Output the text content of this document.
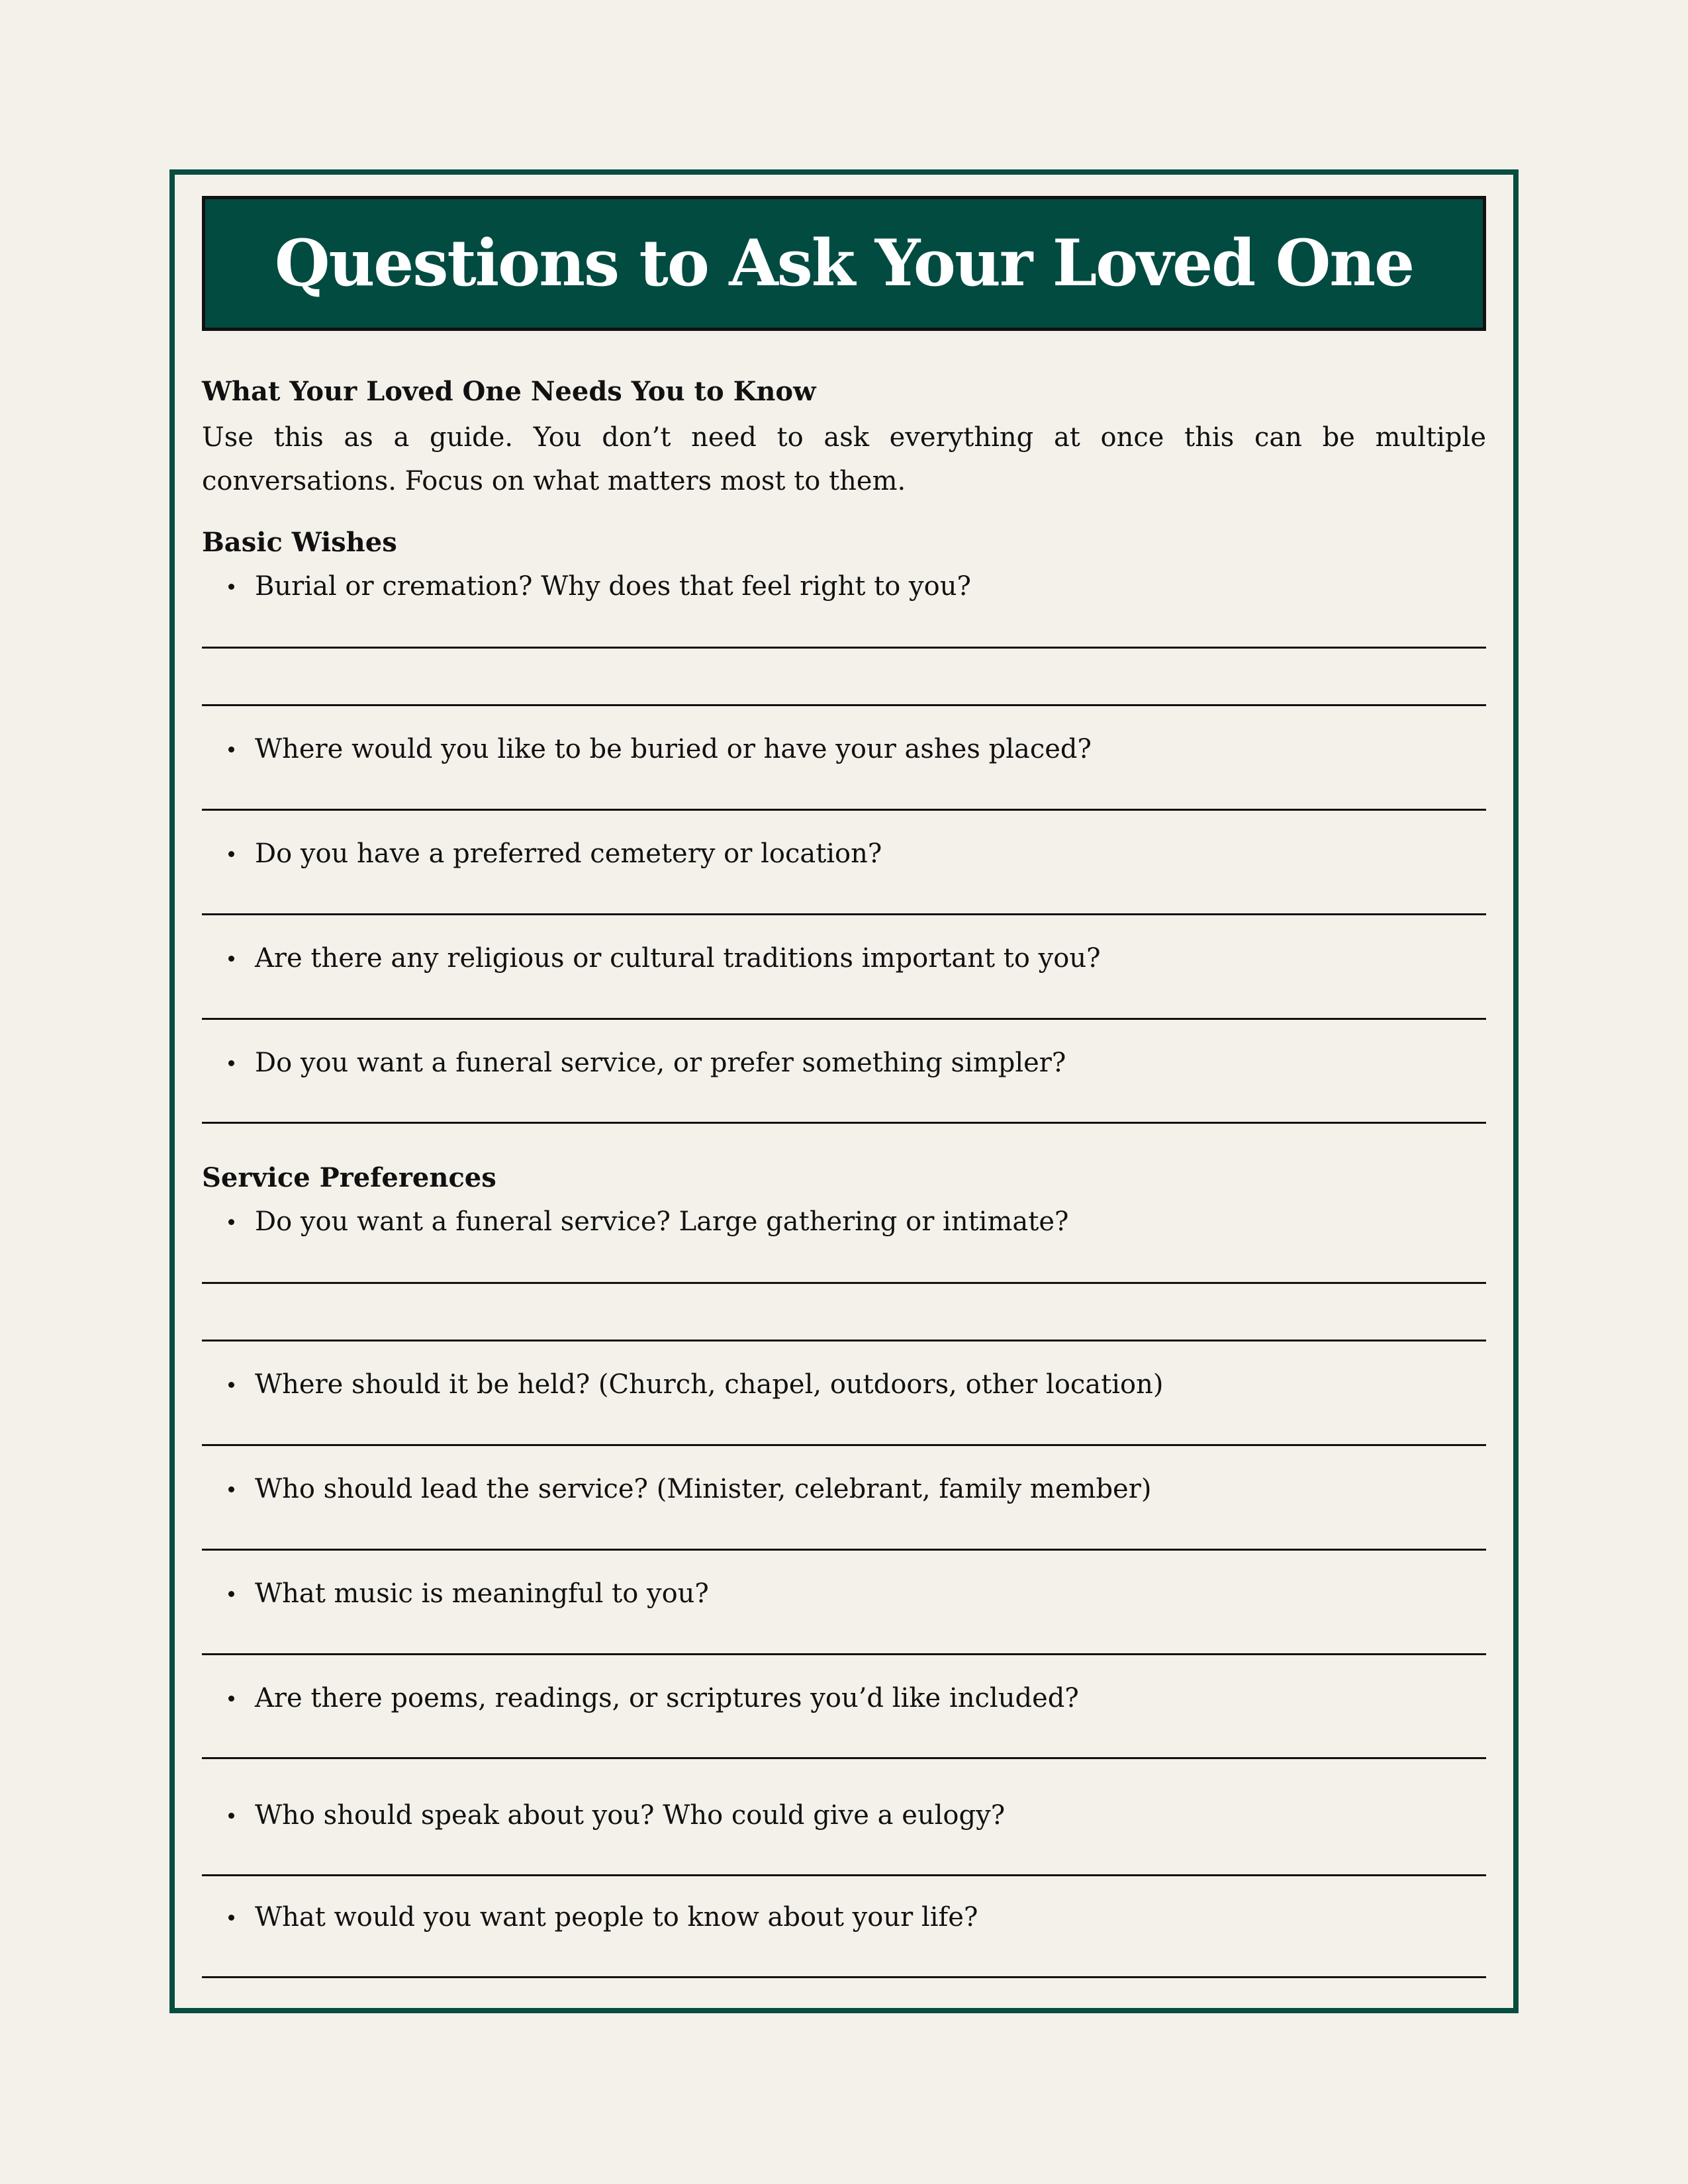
Questions to Ask Your Loved One
What Your Loved One Needs You to Know
Use this as a guide. You don’t need to ask everything at once this can be multiple conversations. Focus on what matters most to them.
Basic Wishes
Burial or cremation? Why does that feel right to you?
Where would you like to be buried or have your ashes placed?
Do you have a preferred cemetery or location?
Are there any religious or cultural traditions important to you?
Do you want a funeral service, or prefer something simpler?
Service Preferences
Do you want a funeral service? Large gathering or intimate?
Where should it be held? (Church, chapel, outdoors, other location)
Who should lead the service? (Minister, celebrant, family member)
What music is meaningful to you?
Are there poems, readings, or scriptures you’d like included?
Who should speak about you? Who could give a eulogy?
What would you want people to know about your life?
